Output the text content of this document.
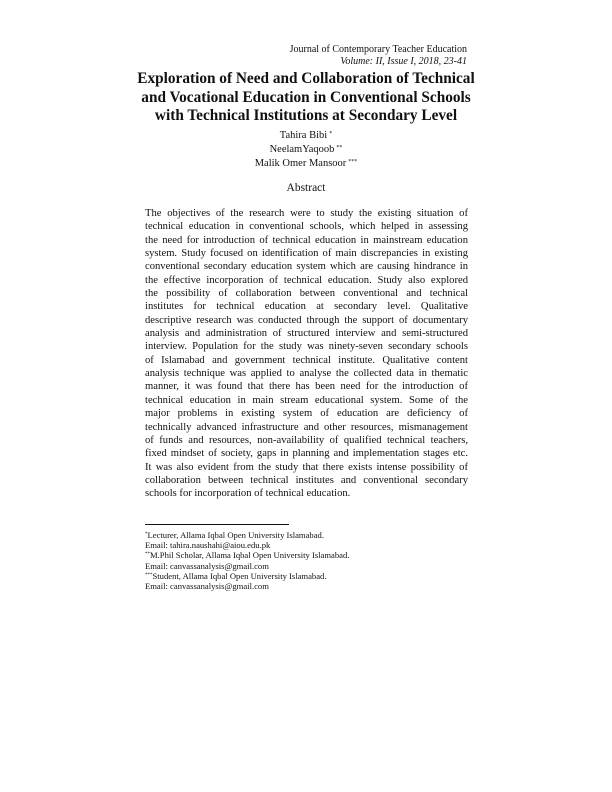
Journal of Contemporary Teacher Education
Volume: II, Issue I, 2018, 23-41
Exploration of Need and Collaboration of Technical
and Vocational Education in Conventional Schools
with Technical Institutions at Secondary Level
Tahira Bibi *
NeelamYaqoob **
Malik Omer Mansoor ***
Abstract
The objectives of the research were to study the existing situation of
technical education in conventional schools, which helped in assessing
the need for introduction of technical education in mainstream education
system. Study focused on identification of main discrepancies in existing
conventional secondary education system which are causing hindrance in
the effective incorporation of technical education. Study also explored
the possibility of collaboration between conventional and technical
institutes for technical education at secondary level. Qualitative
descriptive research was conducted through the support of documentary
analysis and administration of structured interview and semi-structured
interview. Population for the study was ninety-seven secondary schools
of Islamabad and government technical institute. Qualitative content
analysis technique was applied to analyse the collected data in thematic
manner, it was found that there has been need for the introduction of
technical education in main stream educational system. Some of the
major problems in existing system of education are deficiency of
technically advanced infrastructure and other resources, mismanagement
of funds and resources, non-availability of qualified technical teachers,
fixed mindset of society, gaps in planning and implementation stages etc.
It was also evident from the study that there exists intense possibility of
collaboration between technical institutes and conventional secondary
schools for incorporation of technical education.
*Lecturer, Allama Iqbal Open University Islamabad.
Email: tahira.naushahi@aiou.edu.pk
**M.Phil Scholar, Allama Iqbal Open University Islamabad.
Email: canvassanalysis@gmail.com
***Student, Allama Iqbal Open University Islamabad.
Email: canvassanalysis@gmail.com
